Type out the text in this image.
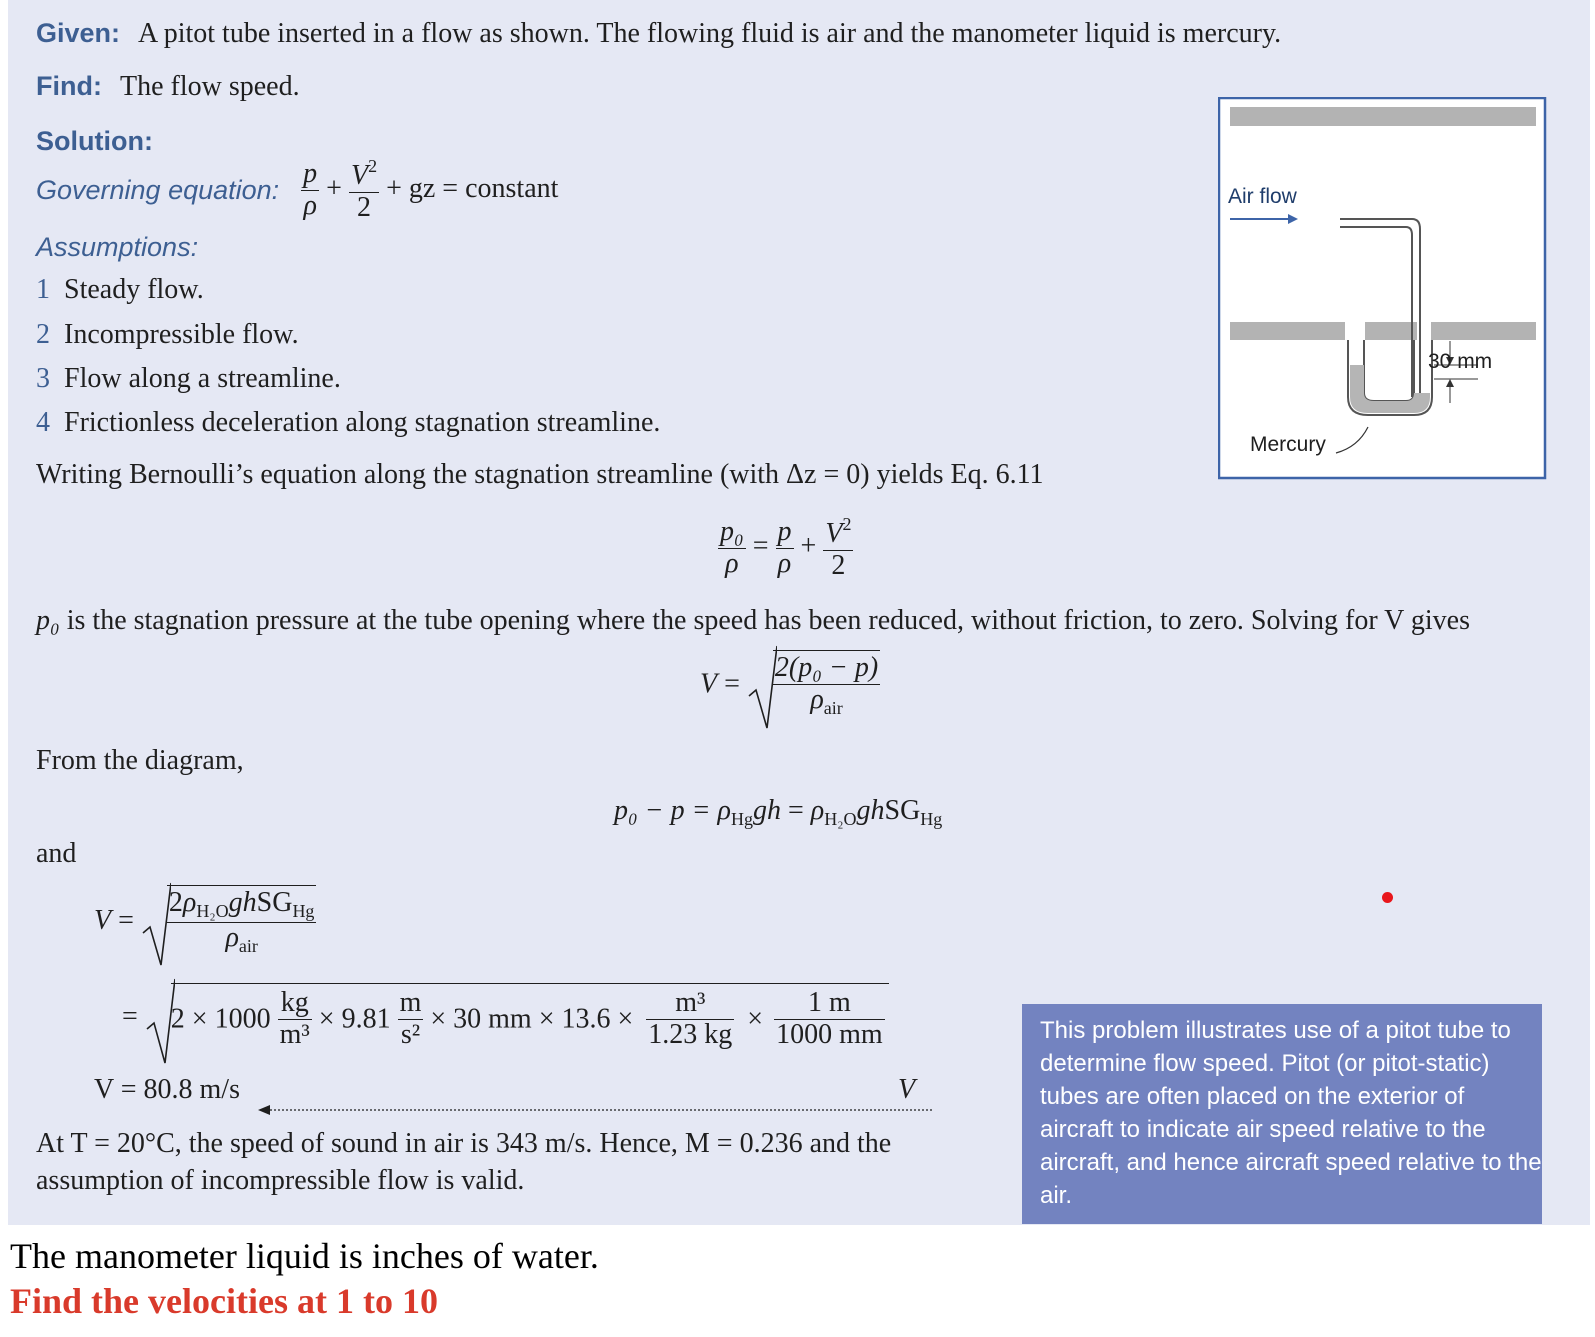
Given: A pitot tube inserted in a flow as shown. The flowing fluid is air and the manometer liquid is mercury.
Find: The flow speed.
Solution:
Governing equation: $\frac{p}{\rho} + \frac{V^2}{2}$ + gz = constant
Assumptions:
1 Steady flow.
2 Incompressible flow.
3 Flow along a streamline.
4 Frictionless deceleration along stagnation streamline.
Writing Bernoulli’s equation along the stagnation streamline (with Δz = 0) yields Eq. 6.11
$\frac{\text{p₀}}{\rho} = \frac{p}{\rho} + \frac{V^2}{2}$
p₀ is the stagnation pressure at the tube opening where the speed has been reduced, without friction, to zero. Solving for V gives
$V = \frac{\text{2(p₀ − p)}}{\rho_{air}}$
From the diagram,
$p_0 - p = \rho_{Hg}gh$ = $\rho_{H_2O}ghSG_{Hg}$
and
$V = \frac{2\rho_{H_2O}ghSG_{Hg}}{\rho_{air}}$
=
$2 \times 1000 \frac{kg}{\text{m³}} \times 9.81 \frac{m}{\text{s²}} \times 30$ mm × $13.6 \times \frac{\text{m³}}{1.23 kg} \times \frac{1 m}{1000 mm}$
V = 80.8 m/s	V
At T = 20°C, the speed of sound in air is 343 m/s. Hence, M = 0.236 and the
assumption of incompressible flow is valid.
This problem illustrates use of a pitot tube to determine flow speed. Pitot (or pitot-static) tubes are often placed on the exterior of aircraft to indicate air speed relative to the aircraft, and hence aircraft speed relative to the air.
Air flow
30 mm
Mercury
The manometer liquid is inches of water.
Find the velocities at 1 to 10
